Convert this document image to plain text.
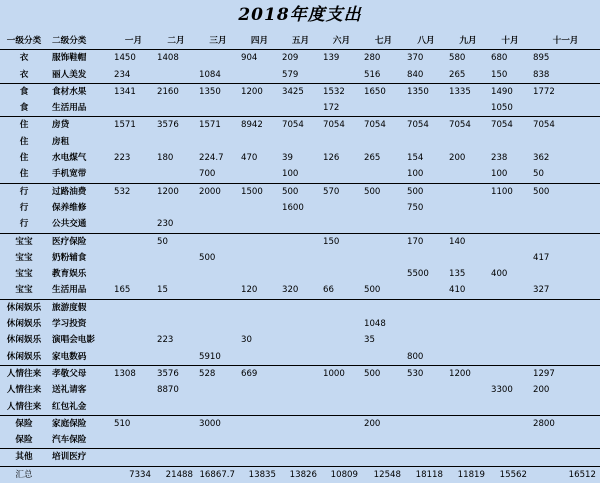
2018年度支出
一级分类	二级分类	一月	二月	三月	四月	五月	六月	七月	八月	九月	十月	十一月
衣	服饰鞋帽	1450	1408		904	209	139	280	370	580	680	895
衣	丽人美发	234		1084		579		516	840	265	150	838
食	食材水果	1341	2160	1350	1200	3425	1532	1650	1350	1335	1490	1772
食	生活用品						172				1050	
住	房贷	1571	3576	1571	8942	7054	7054	7054	7054	7054	7054	7054
住	房租											
住	水电煤气	223	180	224.7	470	39	126	265	154	200	238	362
住	手机宽带			700		100			100		100	50
行	过路油费	532	1200	2000	1500	500	570	500	500		1100	500
行	保养维修					1600			750			
行	公共交通		230									
宝宝	医疗保险		50				150		170	140		
宝宝	奶粉辅食			500								417
宝宝	教育娱乐								5500	135	400	
宝宝	生活用品	165	15		120	320	66	500		410		327
休闲娱乐	旅游度假											
休闲娱乐	学习投资							1048				
休闲娱乐	演唱会电影		223		30			35				
休闲娱乐	家电数码			5910					800			
人情往来	孝敬父母	1308	3576	528	669		1000	500	530	1200		1297
人情往来	送礼请客		8870								3300	200
人情往来	红包礼金											
保险	家庭保险	510		3000				200				2800
保险	汽车保险											
其他	培训医疗											
汇总		7334	21488	16867.7	13835	13826	10809	12548	18118	11819	15562	16512
